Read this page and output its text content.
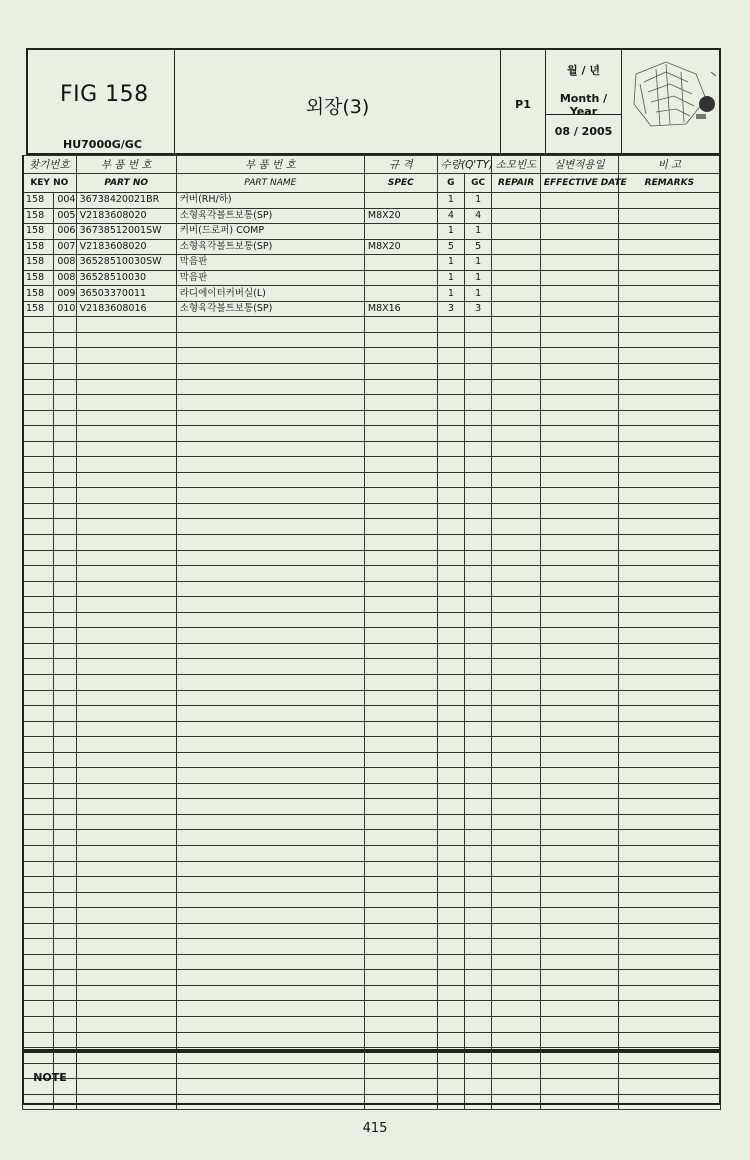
FIG 158
HU7000G/GC
외장(3)	P1
월 / 년
Month / Year
08 / 2005
찾기번호		부 품 번 호	부 품 번 호	규 격	수량(Q'TY)		소모빈도	실변적용일	비 고
KEY NO		PART NO	PART NAME	SPEC	G	GC	REPAIR	EFFECTIVE DATE	REMARKS
158	004	36738420021BR	커버(RH/하)		1	1			
158	005	V2183608020	소형육각볼트보통(SP)	M8X20	4	4			
158	006	36738512001SW	커버(드로퍼) COMP		1	1			
158	007	V2183608020	소형육각볼트보통(SP)	M8X20	5	5			
158	008	36528510030SW	막음판		1	1			
158	008	36528510030	막음판		1	1			
158	009	36503370011	라디에이터커버실(L)		1	1			
158	010	V2183608016	소형육각볼트보통(SP)	M8X16	3	3			

NOTE
415
